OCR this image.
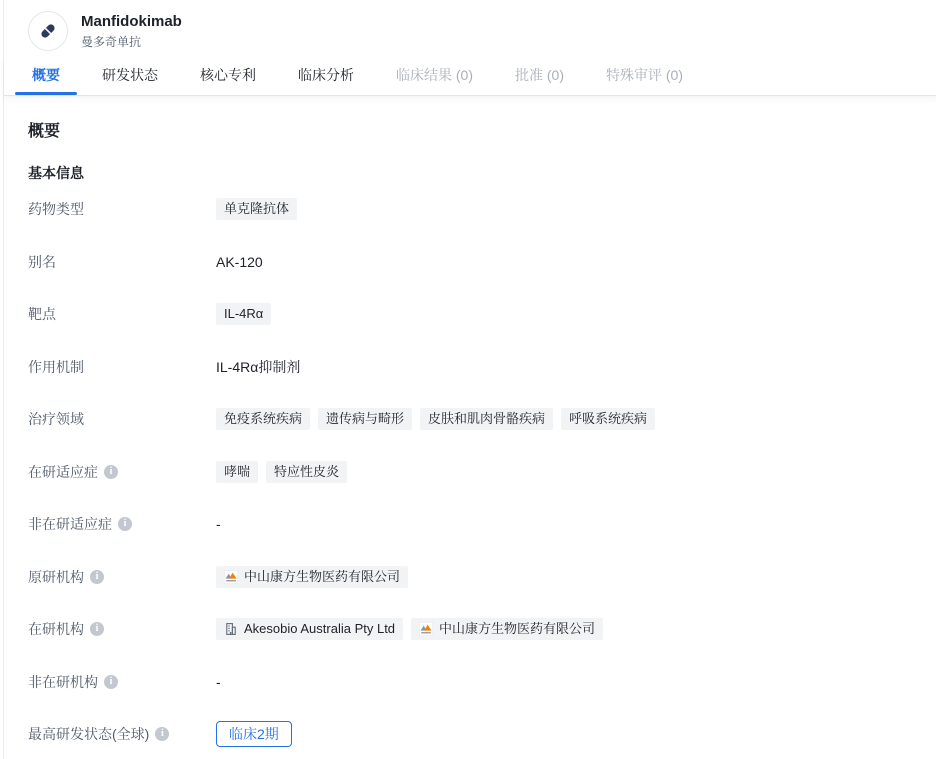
Manfidokimab
曼多奇单抗
概要	研发状态	核心专利	临床分析	临床结果 (0)	批准 (0)	特殊审评 (0)
概要
基本信息
药物类型	单克隆抗体
别名	AK-120
靶点	IL-4Rα
作用机制	IL-4Rα抑制剂
治疗领域	免疫系统疾病	遗传病与畸形	皮肤和肌肉骨骼疾病	呼吸系统疾病
在研适应症	i	哮喘	特应性皮炎
非在研适应症	i	-
原研机构	i	中山康方生物医药有限公司
在研机构	i	Akesobio Australia Pty Ltd	中山康方生物医药有限公司
非在研机构	i	-
最高研发状态(全球)	i	临床2期
